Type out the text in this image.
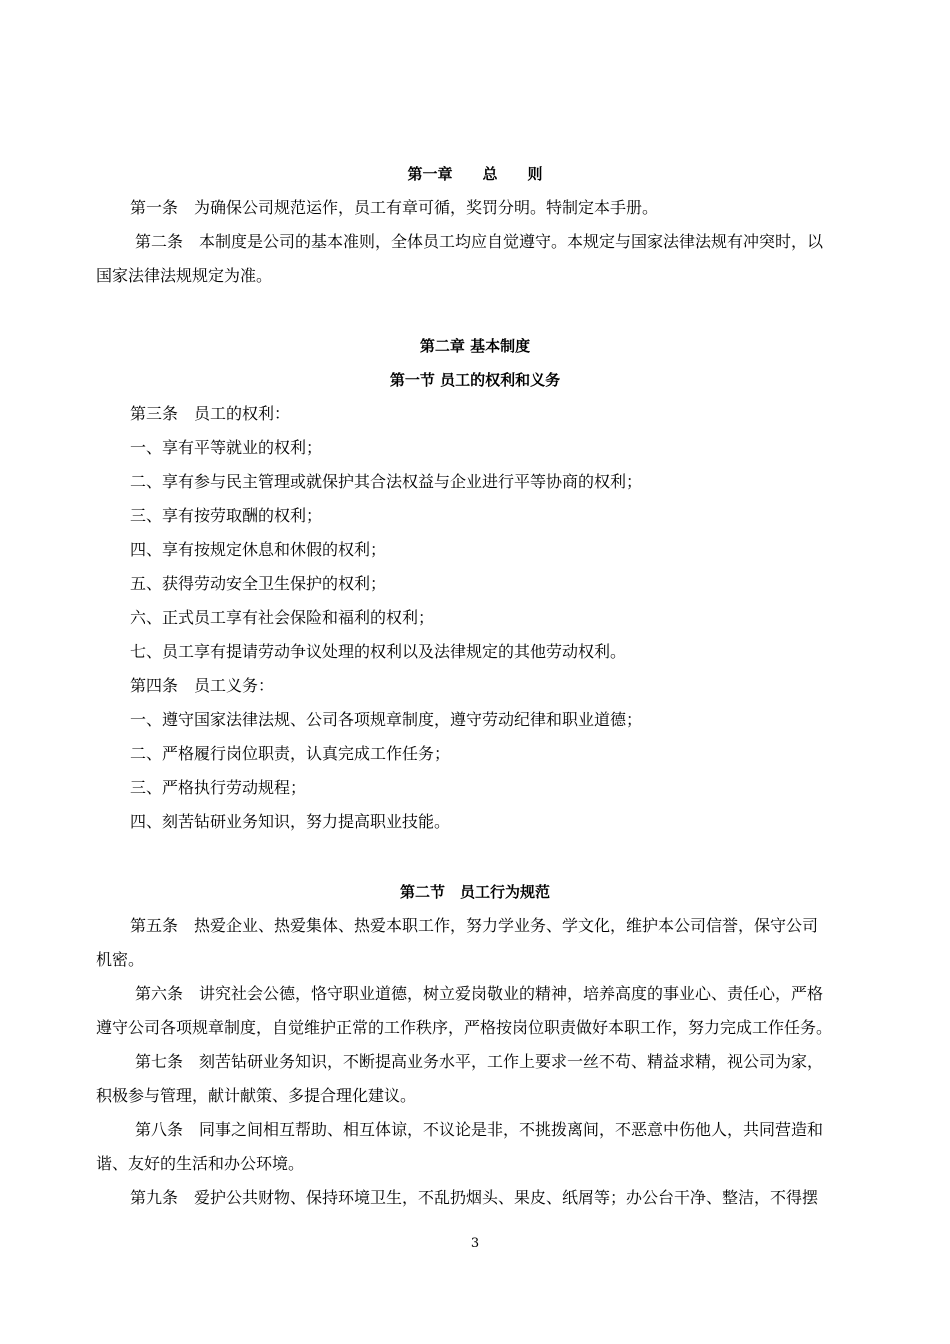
第一章　　总　　则
第一条　为确保公司规范运作，员工有章可循，奖罚分明。特制定本手册。
第二条　本制度是公司的基本准则，全体员工均应自觉遵守。本规定与国家法律法规有冲突时，以
国家法律法规规定为准。
第二章 基本制度
第一节 员工的权利和义务
第三条　员工的权利：
一、享有平等就业的权利；
二、享有参与民主管理或就保护其合法权益与企业进行平等协商的权利；
三、享有按劳取酬的权利；
四、享有按规定休息和休假的权利；
五、获得劳动安全卫生保护的权利；
六、正式员工享有社会保险和福利的权利；
七、员工享有提请劳动争议处理的权利以及法律规定的其他劳动权利。
第四条　员工义务：
一、遵守国家法律法规、公司各项规章制度，遵守劳动纪律和职业道德；
二、严格履行岗位职责，认真完成工作任务；
三、严格执行劳动规程；
四、刻苦钻研业务知识，努力提高职业技能。
第二节　员工行为规范
第五条　热爱企业、热爱集体、热爱本职工作，努力学业务、学文化，维护本公司信誉，保守公司
机密。
第六条　讲究社会公德，恪守职业道德，树立爱岗敬业的精神，培养高度的事业心、责任心，严格
遵守公司各项规章制度，自觉维护正常的工作秩序，严格按岗位职责做好本职工作，努力完成工作任务。
第七条　刻苦钻研业务知识，不断提高业务水平，工作上要求一丝不苟、精益求精，视公司为家，
积极参与管理，献计献策、多提合理化建议。
第八条　同事之间相互帮助、相互体谅，不议论是非，不挑拨离间，不恶意中伤他人，共同营造和
谐、友好的生活和办公环境。
第九条　爱护公共财物、保持环境卫生，不乱扔烟头、果皮、纸屑等；办公台干净、整洁，不得摆
3
